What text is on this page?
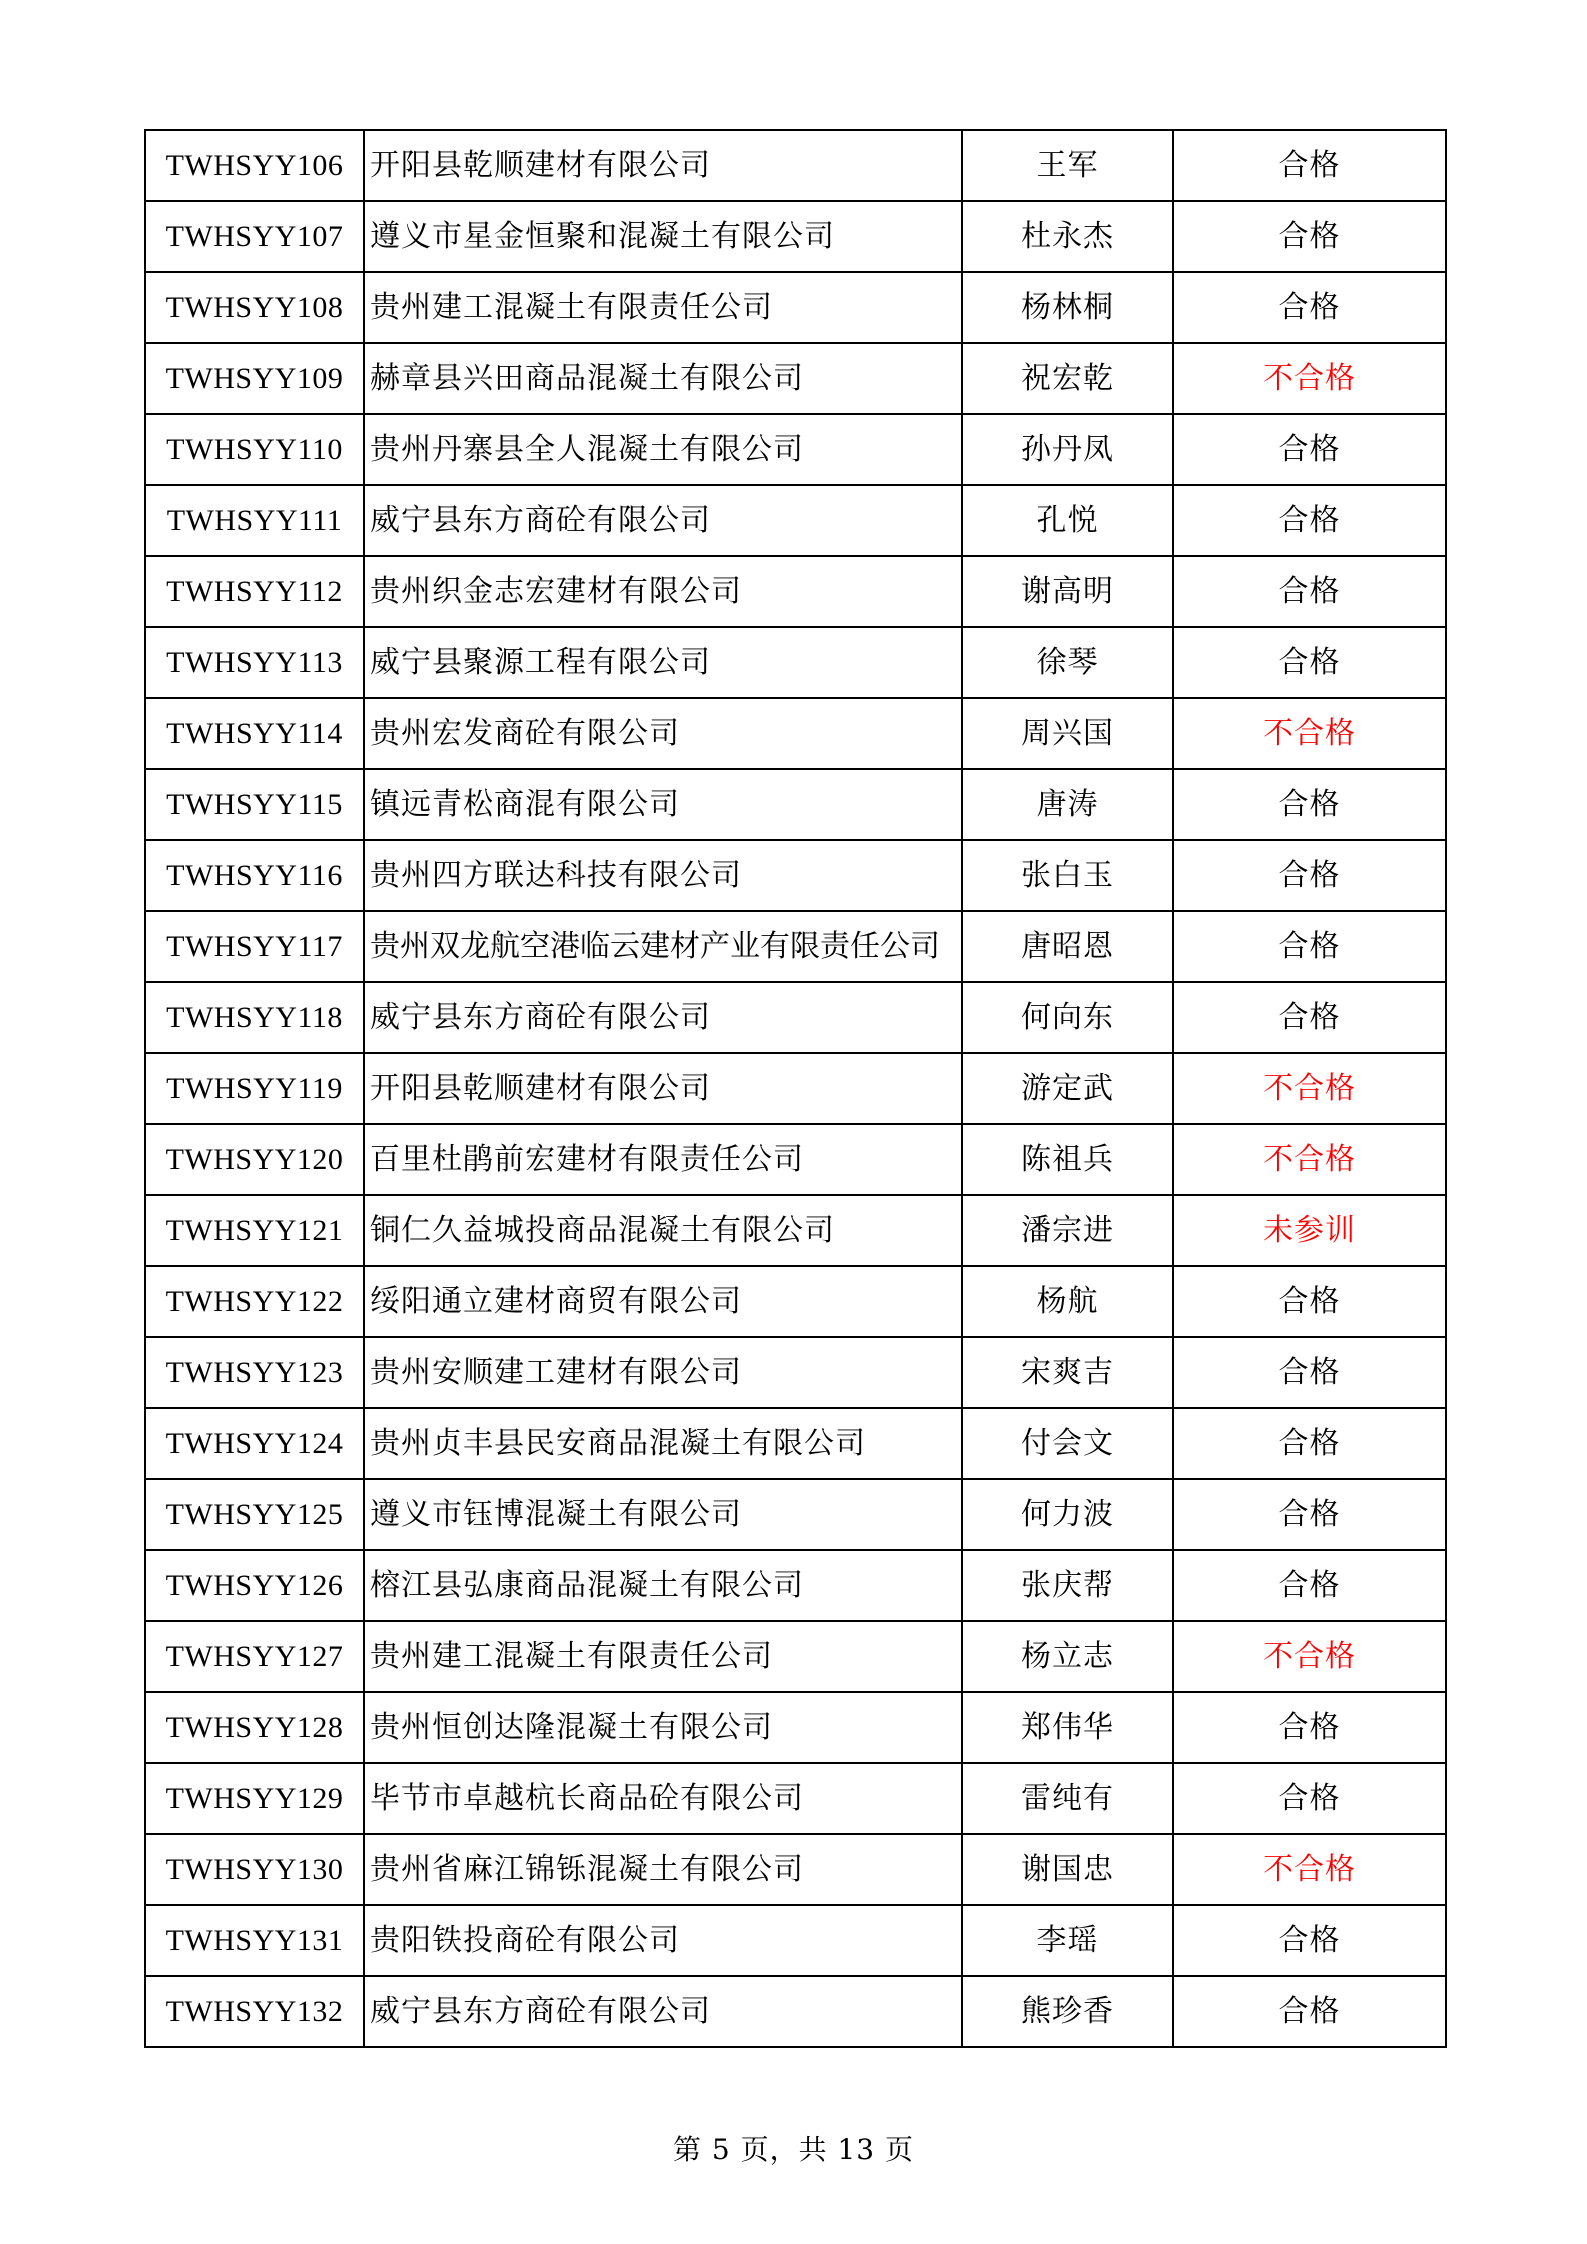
TWHSYY106	开阳县乾顺建材有限公司	王军	合格
TWHSYY107	遵义市星金恒聚和混凝土有限公司	杜永杰	合格
TWHSYY108	贵州建工混凝土有限责任公司	杨林桐	合格
TWHSYY109	赫章县兴田商品混凝土有限公司	祝宏乾	不合格
TWHSYY110	贵州丹寨县全人混凝土有限公司	孙丹凤	合格
TWHSYY111	威宁县东方商砼有限公司	孔悦	合格
TWHSYY112	贵州织金志宏建材有限公司	谢高明	合格
TWHSYY113	威宁县聚源工程有限公司	徐琴	合格
TWHSYY114	贵州宏发商砼有限公司	周兴国	不合格
TWHSYY115	镇远青松商混有限公司	唐涛	合格
TWHSYY116	贵州四方联达科技有限公司	张白玉	合格
TWHSYY117	贵州双龙航空港临云建材产业有限责任公司	唐昭恩	合格
TWHSYY118	威宁县东方商砼有限公司	何向东	合格
TWHSYY119	开阳县乾顺建材有限公司	游定武	不合格
TWHSYY120	百里杜鹃前宏建材有限责任公司	陈祖兵	不合格
TWHSYY121	铜仁久益城投商品混凝土有限公司	潘宗进	未参训
TWHSYY122	绥阳通立建材商贸有限公司	杨航	合格
TWHSYY123	贵州安顺建工建材有限公司	宋爽吉	合格
TWHSYY124	贵州贞丰县民安商品混凝土有限公司	付会文	合格
TWHSYY125	遵义市钰博混凝土有限公司	何力波	合格
TWHSYY126	榕江县弘康商品混凝土有限公司	张庆帮	合格
TWHSYY127	贵州建工混凝土有限责任公司	杨立志	不合格
TWHSYY128	贵州恒创达隆混凝土有限公司	郑伟华	合格
TWHSYY129	毕节市卓越杭长商品砼有限公司	雷纯有	合格
TWHSYY130	贵州省麻江锦铄混凝土有限公司	谢国忠	不合格
TWHSYY131	贵阳铁投商砼有限公司	李瑶	合格
TWHSYY132	威宁县东方商砼有限公司	熊珍香	合格
第 5 页，共 13 页
